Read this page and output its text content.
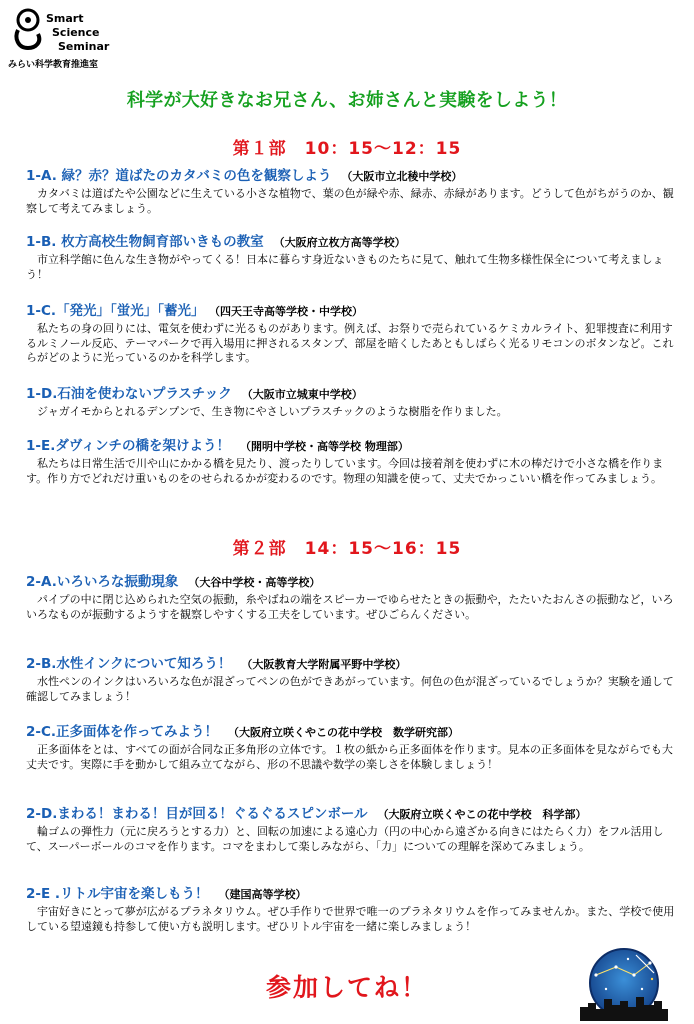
Smart
Science
Seminar
みらい科学教育推進室
科学が大好きなお兄さん、お姉さんと実験をしよう！
第１部　10：15～12：15
1-A. 緑？赤？道ばたのカタバミの色を観察しよう （大阪市立北稜中学校）
カタバミは道ばたや公園などに生えている小さな植物で、葉の色が緑や赤、緑赤、赤緑があります。どうして色がちがうのか、観察して考えてみましょう。
1-B. 枚方高校生物飼育部いきもの教室 （大阪府立枚方高等学校）
市立科学館に色んな生き物がやってくる！日本に暮らす身近ないきものたちに見て、触れて生物多様性保全について考えましょう！
1-C.「発光」「蛍光」「蓄光」 （四天王寺高等学校・中学校）
私たちの身の回りには、電気を使わずに光るものがあります。例えば、お祭りで売られているケミカルライト、犯罪捜査に利用するルミノール反応、テーマパークで再入場用に押されるスタンプ、部屋を暗くしたあともしばらく光るリモコンのボタンなど。これらがどのように光っているのかを科学します。
1-D.石油を使わないプラスチック （大阪市立城東中学校）
ジャガイモからとれるデンプンで、生き物にやさしいプラスチックのような樹脂を作りました。
1-E.ダヴィンチの橋を架けよう！ （開明中学校・高等学校 物理部）
私たちは日常生活で川や山にかかる橋を見たり、渡ったりしています。今回は接着剤を使わずに木の棒だけで小さな橋を作ります。作り方でどれだけ重いものをのせられるかが変わるのです。物理の知識を使って、丈夫でかっこいい橋を作ってみましょう。
第２部　14：15～16：15
2-A.いろいろな振動現象 （大谷中学校・高等学校）
パイプの中に閉じ込められた空気の振動，糸やばねの端をスピーカーでゆらせたときの振動や，たたいたおんさの振動など，いろいろなものが振動するようすを観察しやすくする工夫をしています。ぜひごらんください。
2-B.水性インクについて知ろう！ （大阪教育大学附属平野中学校）
水性ペンのインクはいろいろな色が混ざってペンの色ができあがっています。何色の色が混ざっているでしょうか？実験を通して確認してみましょう！
2-C.正多面体を作ってみよう！ （大阪府立咲くやこの花中学校　数学研究部）
正多面体をとは、すべての面が合同な正多角形の立体です。１枚の紙から正多面体を作ります。見本の正多面体を見ながらでも大丈夫です。実際に手を動かして組み立てながら、形の不思議や数学の楽しさを体験しましょう！
2-D.まわる！まわる！目が回る！ぐるぐるスピンボール （大阪府立咲くやこの花中学校　科学部）
輪ゴムの弾性力（元に戻ろうとする力）と、回転の加速による遠心力（円の中心から遠ざかる向きにはたらく力）をフル活用して、スーパーボールのコマを作ります。コマをまわして楽しみながら、「力」についての理解を深めてみましょう。
2-E .リトル宇宙を楽しもう！ （建国高等学校）
宇宙好きにとって夢が広がるプラネタリウム。ぜひ手作りで世界で唯一のプラネタリウムを作ってみませんか。また、学校で使用している望遠鏡も持参して使い方も説明します。ぜひリトル宇宙を一緒に楽しみましょう！
参加してね！
